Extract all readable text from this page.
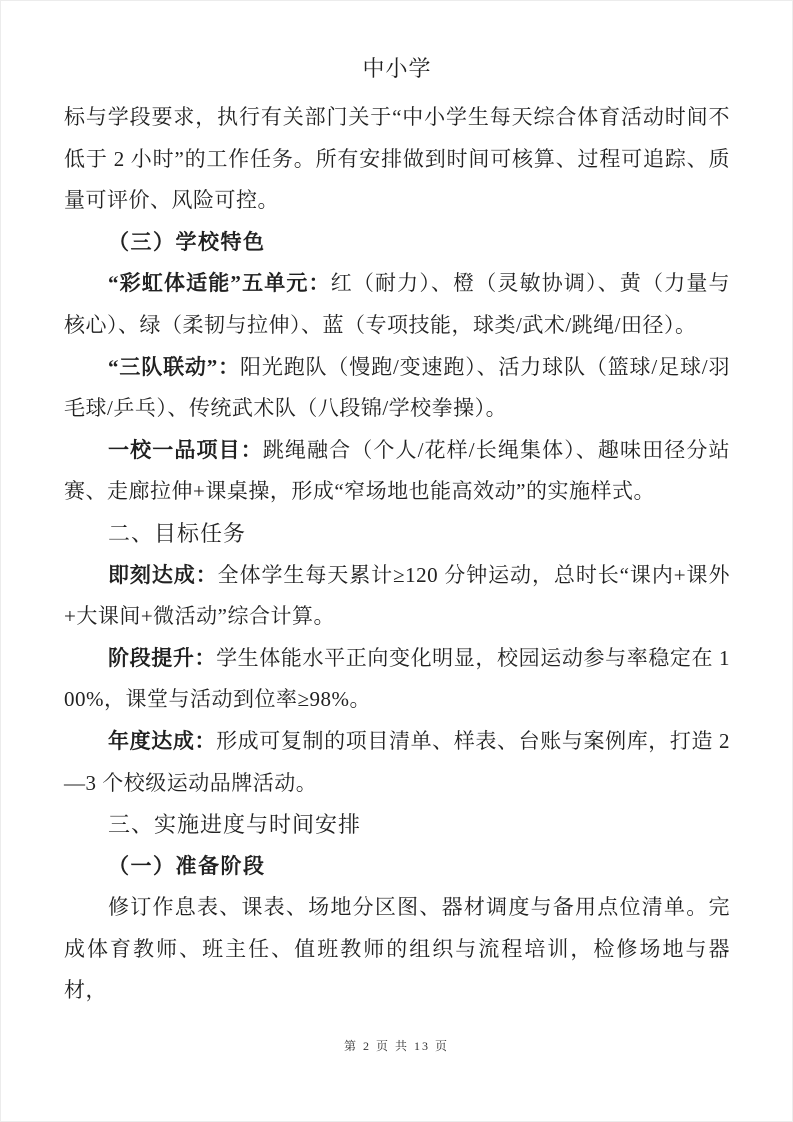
中小学

标与学段要求，执行有关部门关于“中小学生每天综合体育活动时间不低于 2 小时”的工作任务。所有安排做到时间可核算、过程可追踪、质量可评价、风险可控。

（三）学校特色

“彩虹体适能”五单元：红（耐力）、橙（灵敏协调）、黄（力量与核心）、绿（柔韧与拉伸）、蓝（专项技能，球类/武术/跳绳/田径）。

“三队联动”：阳光跑队（慢跑/变速跑）、活力球队（篮球/足球/羽毛球/乒乓）、传统武术队（八段锦/学校拳操）。

一校一品项目：跳绳融合（个人/花样/长绳集体）、趣味田径分站赛、走廊拉伸+课桌操，形成“窄场地也能高效动”的实施样式。

二、目标任务

即刻达成：全体学生每天累计≥120 分钟运动，总时长“课内+课外+大课间+微活动”综合计算。

阶段提升：学生体能水平正向变化明显，校园运动参与率稳定在 100%，课堂与活动到位率≥98%。

年度达成：形成可复制的项目清单、样表、台账与案例库，打造 2—3 个校级运动品牌活动。

三、实施进度与时间安排
（一）准备阶段

修订作息表、课表、场地分区图、器材调度与备用点位清单。完成体育教师、班主任、值班教师的组织与流程培训，检修场地与器材，

第 2 页 共 13 页
